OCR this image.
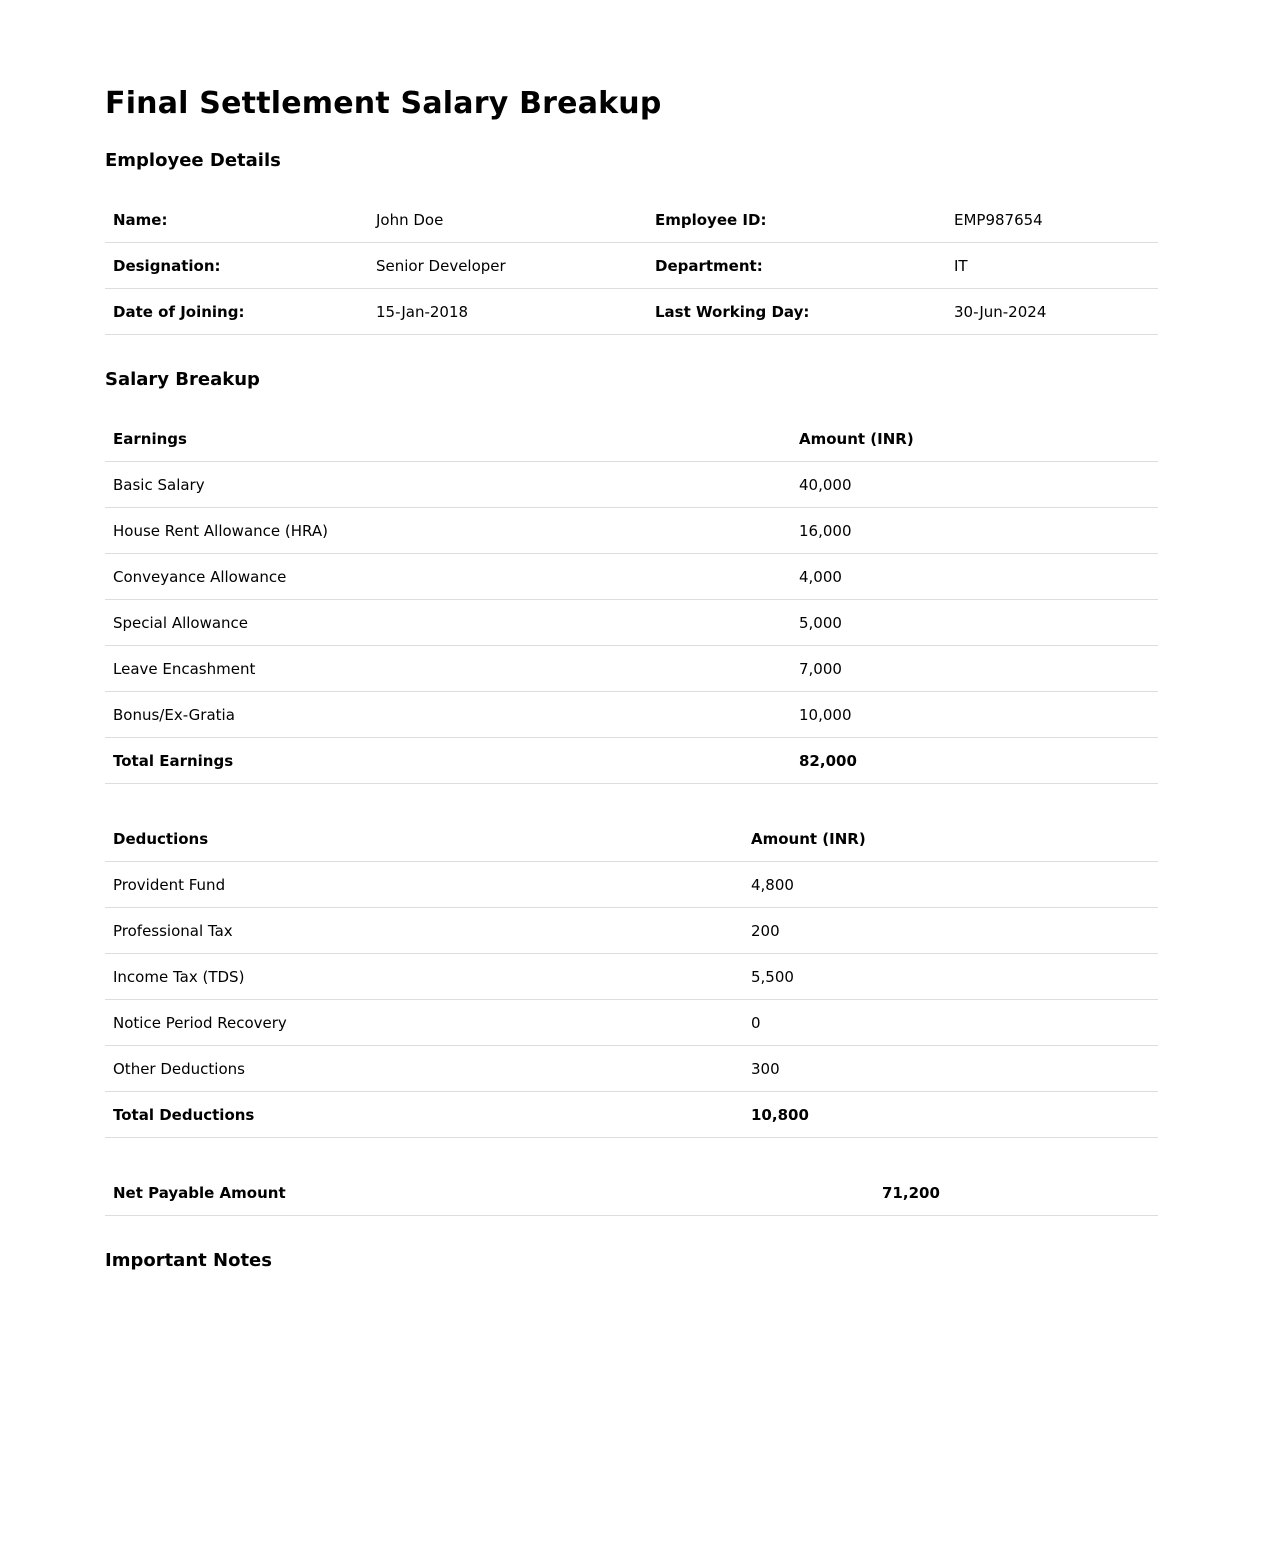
Final Settlement Salary Breakup
Employee Details
Name:	John Doe	Employee ID:	EMP987654
Designation:	Senior Developer	Department:	IT
Date of Joining:	15-Jan-2018	Last Working Day:	30-Jun-2024
Salary Breakup
Earnings	Amount (INR)
Basic Salary	40,000
House Rent Allowance (HRA)	16,000
Conveyance Allowance	4,000
Special Allowance	5,000
Leave Encashment	7,000
Bonus/Ex-Gratia	10,000
Total Earnings	82,000
Deductions	Amount (INR)
Provident Fund	4,800
Professional Tax	200
Income Tax (TDS)	5,500
Notice Period Recovery	0
Other Deductions	300
Total Deductions	10,800
Net Payable Amount	71,200
Important Notes
